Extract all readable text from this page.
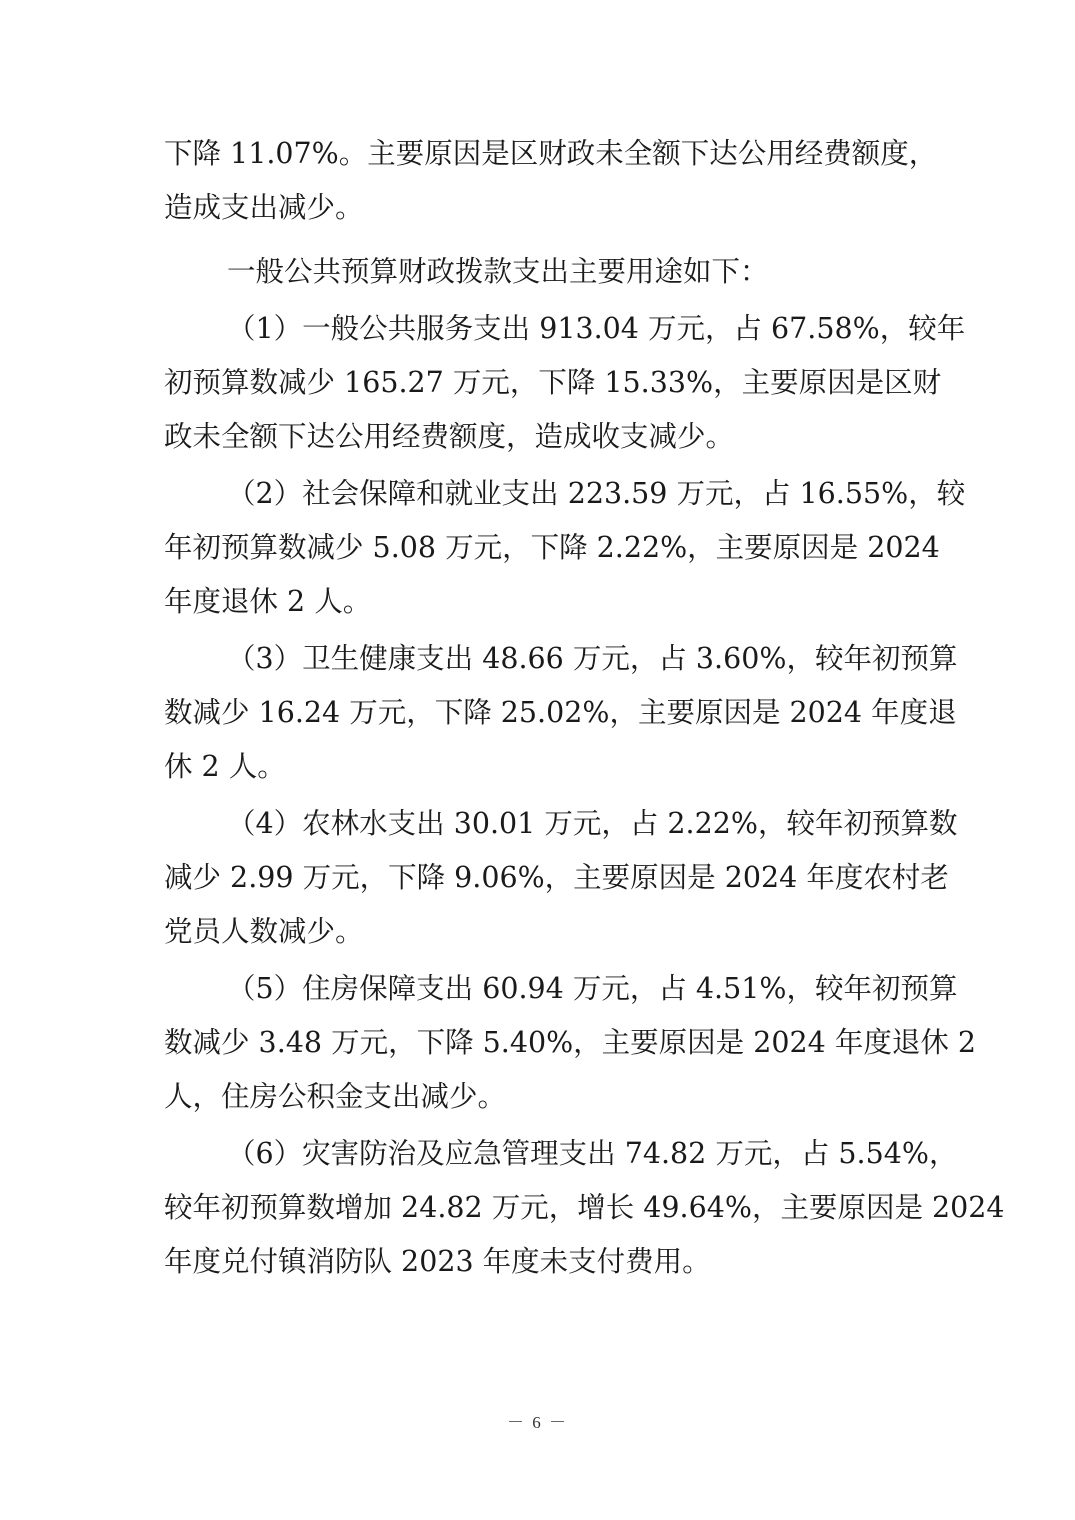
下降 11.07%。主要原因是区财政未全额下达公用经费额度，
造成支出减少。
一般公共预算财政拨款支出主要用途如下：
（1）一般公共服务支出 913.04 万元，占 67.58%，较年
初预算数减少 165.27 万元，下降 15.33%，主要原因是区财
政未全额下达公用经费额度，造成收支减少。
（2）社会保障和就业支出 223.59 万元，占 16.55%，较
年初预算数减少 5.08 万元，下降 2.22%，主要原因是 2024
年度退休 2 人。
（3）卫生健康支出 48.66 万元，占 3.60%，较年初预算
数减少 16.24 万元，下降 25.02%，主要原因是 2024 年度退
休 2 人。
（4）农林水支出 30.01 万元，占 2.22%，较年初预算数
减少 2.99 万元，下降 9.06%，主要原因是 2024 年度农村老
党员人数减少。
（5）住房保障支出 60.94 万元，占 4.51%，较年初预算
数减少 3.48 万元，下降 5.40%，主要原因是 2024 年度退休 2
人，住房公积金支出减少。
（6）灾害防治及应急管理支出 74.82 万元，占 5.54%，
较年初预算数增加 24.82 万元，增长 49.64%，主要原因是 2024
年度兑付镇消防队 2023 年度未支付费用。
－ 6 －
